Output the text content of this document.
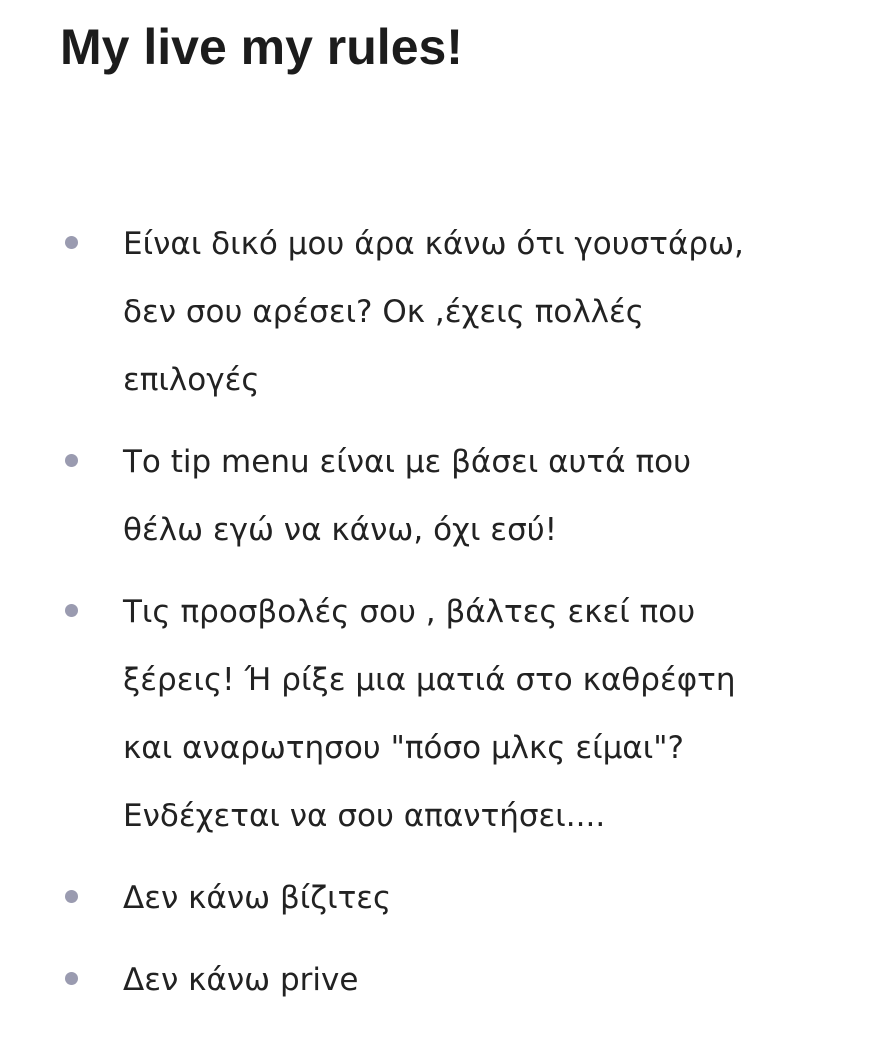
My live my rules!
Είναι δικό μου άρα κάνω ότι γουστάρω,
δεν σου αρέσει? Οκ ,έχεις πολλές
επιλογές
Το tip menu είναι με βάσει αυτά που
θέλω εγώ να κάνω, όχι εσύ!
Τις προσβολές σου , βάλτες εκεί που
ξέρεις! Ή ρίξε μια ματιά στο καθρέφτη
και αναρωτησου "πόσο μλκς είμαι"?
Ενδέχεται να σου απαντήσει....
Δεν κάνω βίζιτες
Δεν κάνω prive
